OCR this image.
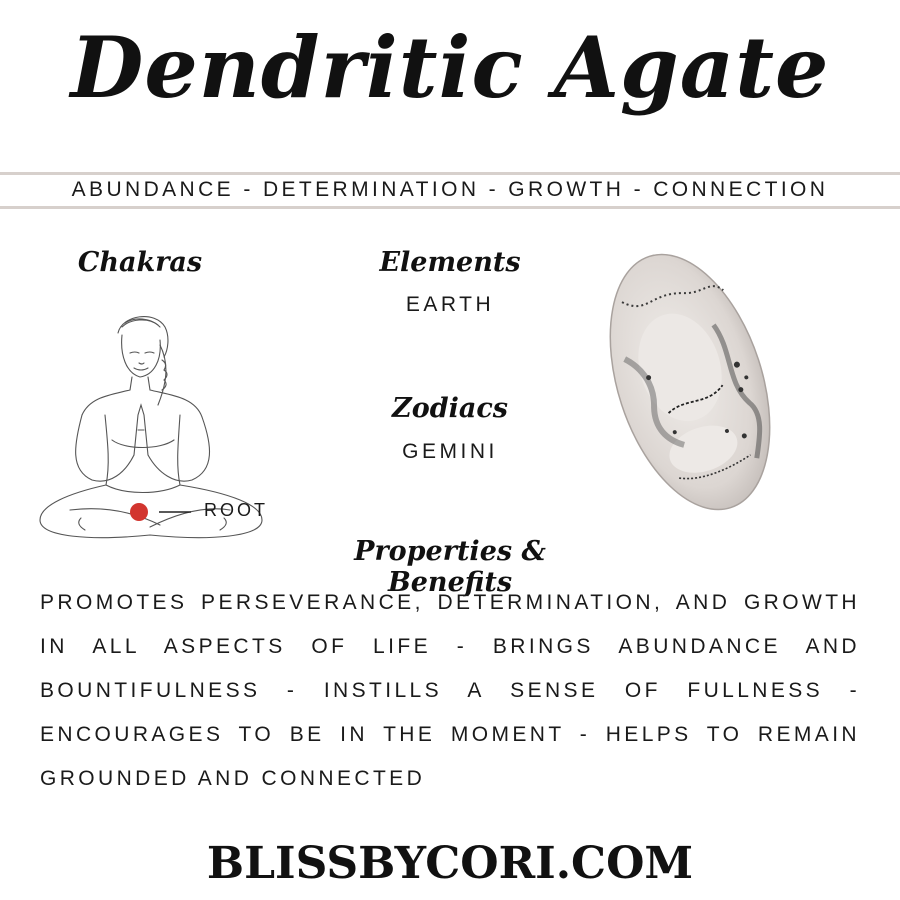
Dendritic Agate
ABUNDANCE - DETERMINATION - GROWTH - CONNECTION
Chakras
ROOT
Elements
EARTH
Zodiacs
GEMINI
Properties & Benefits
PROMOTES PERSEVERANCE, DETERMINATION, AND GROWTH IN ALL ASPECTS OF LIFE - BRINGS ABUNDANCE AND BOUNTIFULNESS - INSTILLS A SENSE OF FULLNESS - ENCOURAGES TO BE IN THE MOMENT - HELPS TO REMAIN GROUNDED AND CONNECTED
BLISSBYCORI.COM
